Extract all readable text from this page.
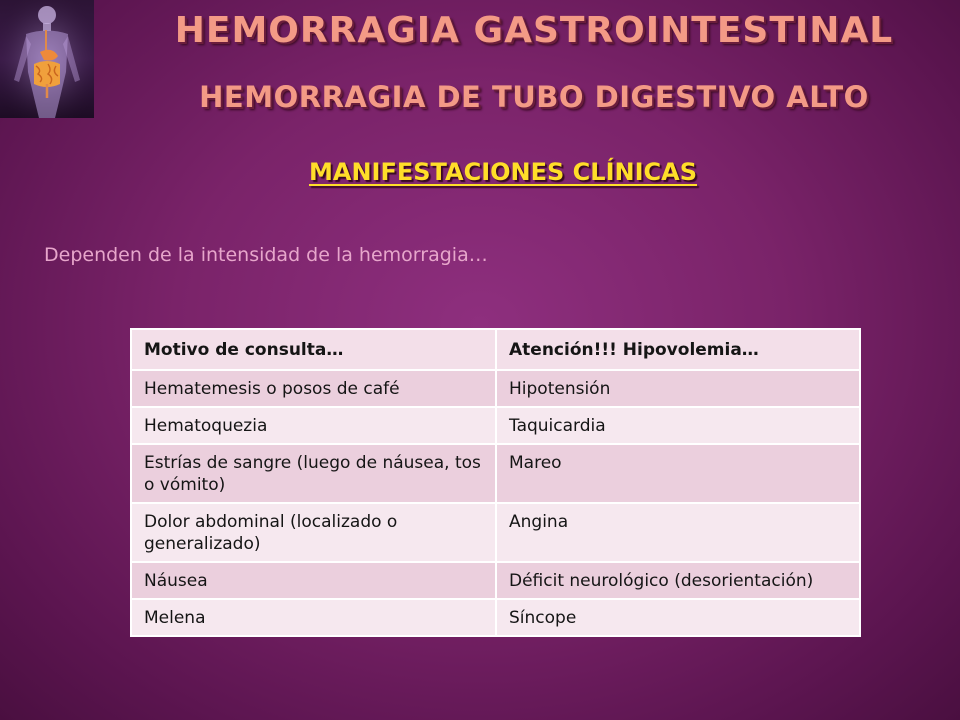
HEMORRAGIA GASTROINTESTINAL
HEMORRAGIA DE TUBO DIGESTIVO ALTO
MANIFESTACIONES CLÍNICAS

Dependen de la intensidad de la hemorragia…

Motivo de consulta…	Atención!!! Hipovolemia…
Hematemesis o posos de café	Hipotensión
Hematoquezia	Taquicardia
Estrías de sangre (luego de náusea, tos o vómito)	Mareo
Dolor abdominal (localizado o generalizado)	Angina
Náusea	Déficit neurológico (desorientación)
Melena	Síncope
